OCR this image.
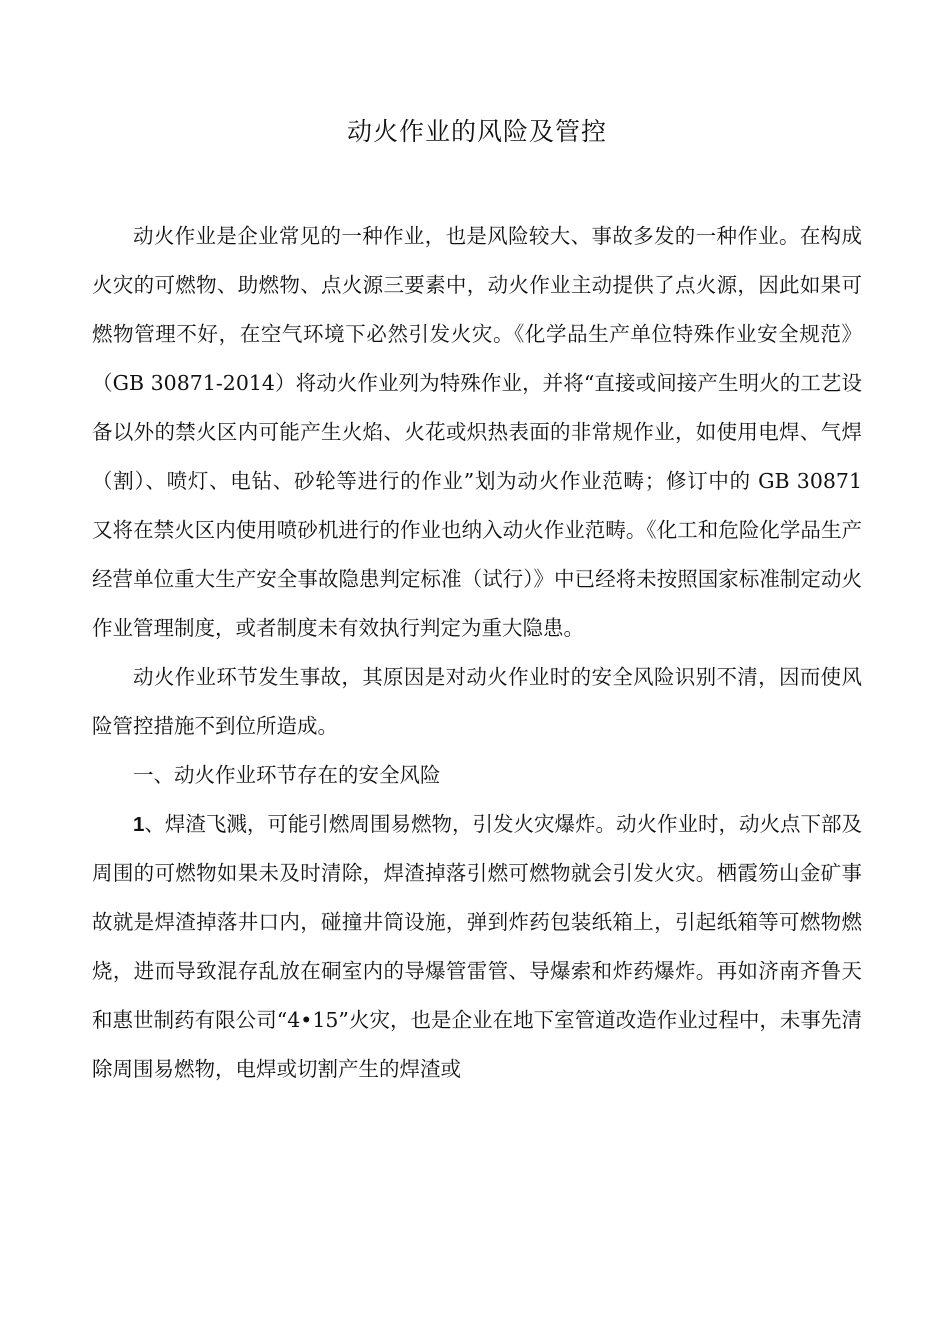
动火作业的风险及管控

动火作业是企业常见的一种作业，也是风险较大、事故多发的一种作业。在构成火灾的可燃物、助燃物、点火源三要素中，动火作业主动提供了点火源，因此如果可燃物管理不好，在空气环境下必然引发火灾。《化学品生产单位特殊作业安全规范》（GB 30871-2014）将动火作业列为特殊作业，并将“直接或间接产生明火的工艺设备以外的禁火区内可能产生火焰、火花或炽热表面的非常规作业，如使用电焊、气焊（割）、喷灯、电钻、砂轮等进行的作业”划为动火作业范畴；修订中的 GB 30871 又将在禁火区内使用喷砂机进行的作业也纳入动火作业范畴。《化工和危险化学品生产经营单位重大生产安全事故隐患判定标准（试行）》中已经将未按照国家标准制定动火作业管理制度，或者制度未有效执行判定为重大隐患。

动火作业环节发生事故，其原因是对动火作业时的安全风险识别不清，因而使风险管控措施不到位所造成。

一、动火作业环节存在的安全风险

1、焊渣飞溅，可能引燃周围易燃物，引发火灾爆炸。动火作业时，动火点下部及周围的可燃物如果未及时清除，焊渣掉落引燃可燃物就会引发火灾。栖霞笏山金矿事故就是焊渣掉落井口内，碰撞井筒设施，弹到炸药包装纸箱上，引起纸箱等可燃物燃烧，进而导致混存乱放在硐室内的导爆管雷管、导爆索和炸药爆炸。再如济南齐鲁天和惠世制药有限公司“4•15”火灾，也是企业在地下室管道改造作业过程中，未事先清除周围易燃物，电焊或切割产生的焊渣或
